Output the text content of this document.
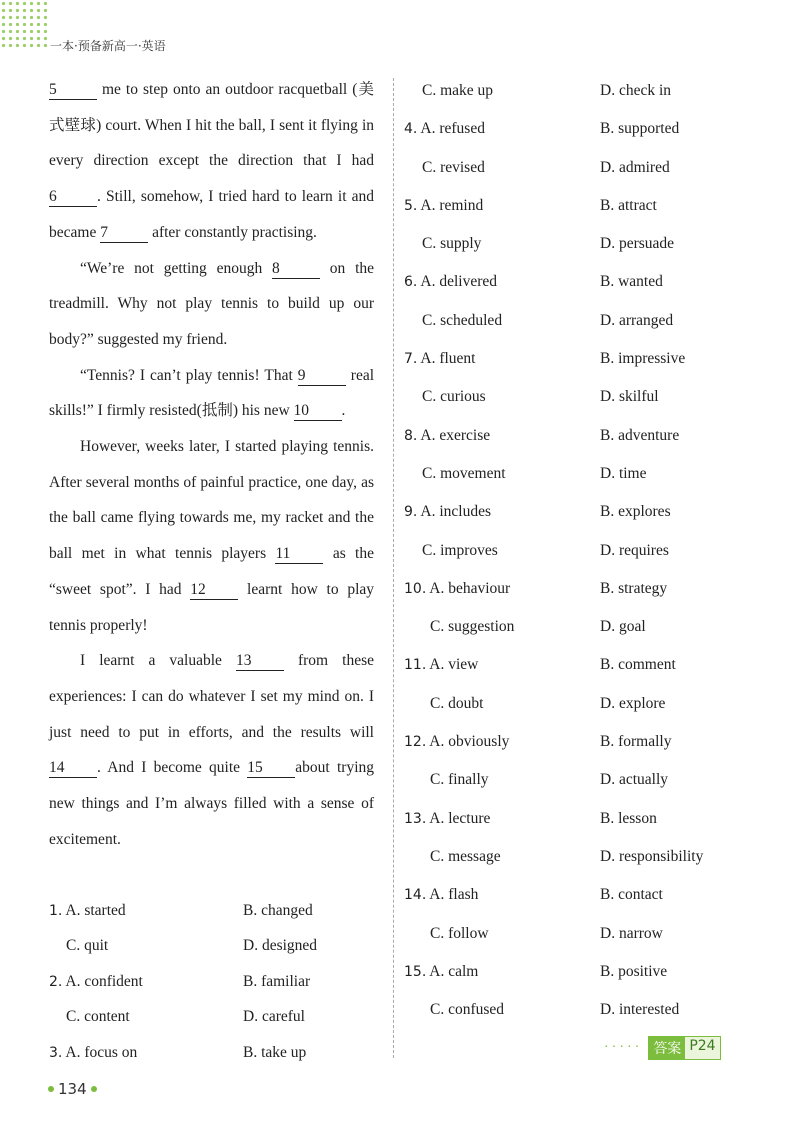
一本·预备新高一·英语

5	me to step onto an outdoor racquetball (美式壁球) court. When I hit the ball, I sent it flying in every direction except the direction that I had 6	. Still, somehow, I tried hard to learn it and became 7	after constantly practising.

“We’re not getting enough 8	on the treadmill. Why not play tennis to build up our body?” suggested my friend.

“Tennis? I can’t play tennis! That 9	real skills!” I firmly resisted(抵制) his new 10 .

However, weeks later, I started playing tennis. After several months of painful practice, one day, as the ball came flying towards me, my racket and the ball met in what tennis players 11	as the “sweet spot”. I had 12	learnt how to play tennis properly!

I learnt a valuable 13	from these experiences: I can do whatever I set my mind on. I just need to put in efforts, and the results will 14 . And I become quite 15 about trying new things and I’m always filled with a sense of excitement.

1. A. started	B. changed
C. quit	D. designed
2. A. confident	B. familiar
C. content	D. careful
3. A. focus on	B. take up
C. make up	D. check in
4. A. refused	B. supported
C. revised	D. admired
5. A. remind	B. attract
C. supply	D. persuade
6. A. delivered	B. wanted
C. scheduled	D. arranged
7. A. fluent	B. impressive
C. curious	D. skilful
8. A. exercise	B. adventure
C. movement	D. time
9. A. includes	B. explores
C. improves	D. requires
10. A. behaviour	B. strategy
C. suggestion	D. goal
11. A. view	B. comment
C. doubt	D. explore
12. A. obviously	B. formally
C. finally	D. actually
13. A. lecture	B. lesson
C. message	D. responsibility
14. A. flash	B. contact
C. follow	D. narrow
15. A. calm	B. positive
C. confused	D. interested
····· 答案 P24
134
